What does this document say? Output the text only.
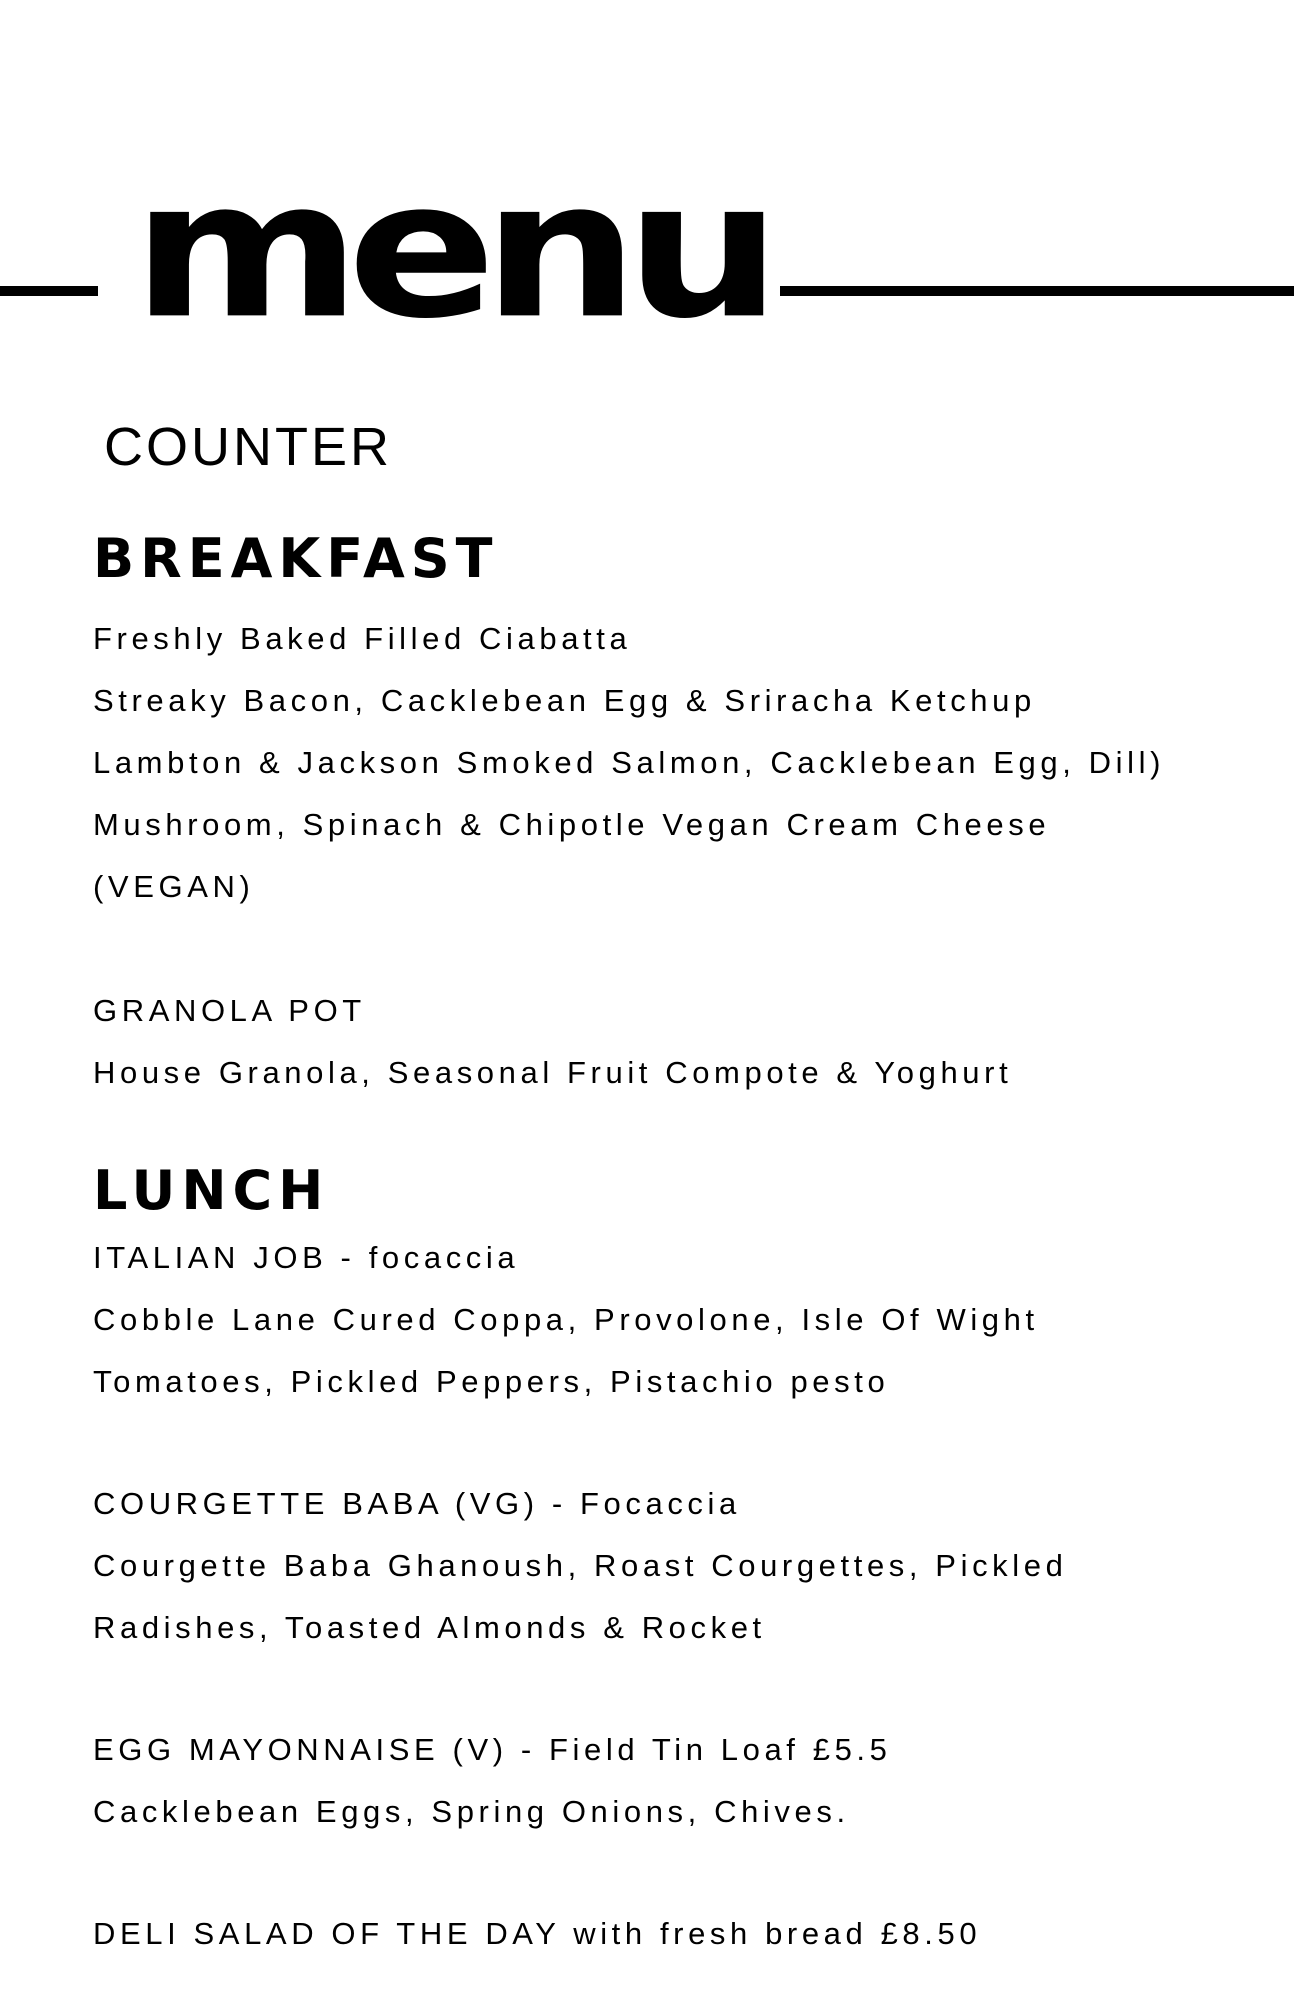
menu
COUNTER
BREAKFAST

Freshly Baked Filled Ciabatta

Streaky Bacon, Cacklebean Egg & Sriracha Ketchup

Lambton & Jackson Smoked Salmon, Cacklebean Egg, Dill)

Mushroom, Spinach & Chipotle Vegan Cream Cheese

(VEGAN)

GRANOLA POT

House Granola, Seasonal Fruit Compote & Yoghurt

LUNCH

ITALIAN JOB - focaccia

Cobble Lane Cured Coppa, Provolone, Isle Of Wight

Tomatoes, Pickled Peppers, Pistachio pesto

COURGETTE BABA (VG) - Focaccia

Courgette Baba Ghanoush, Roast Courgettes, Pickled

Radishes, Toasted Almonds & Rocket

EGG MAYONNAISE (V) - Field Tin Loaf £5.5

Cacklebean Eggs, Spring Onions, Chives.

DELI SALAD OF THE DAY with fresh bread £8.50
